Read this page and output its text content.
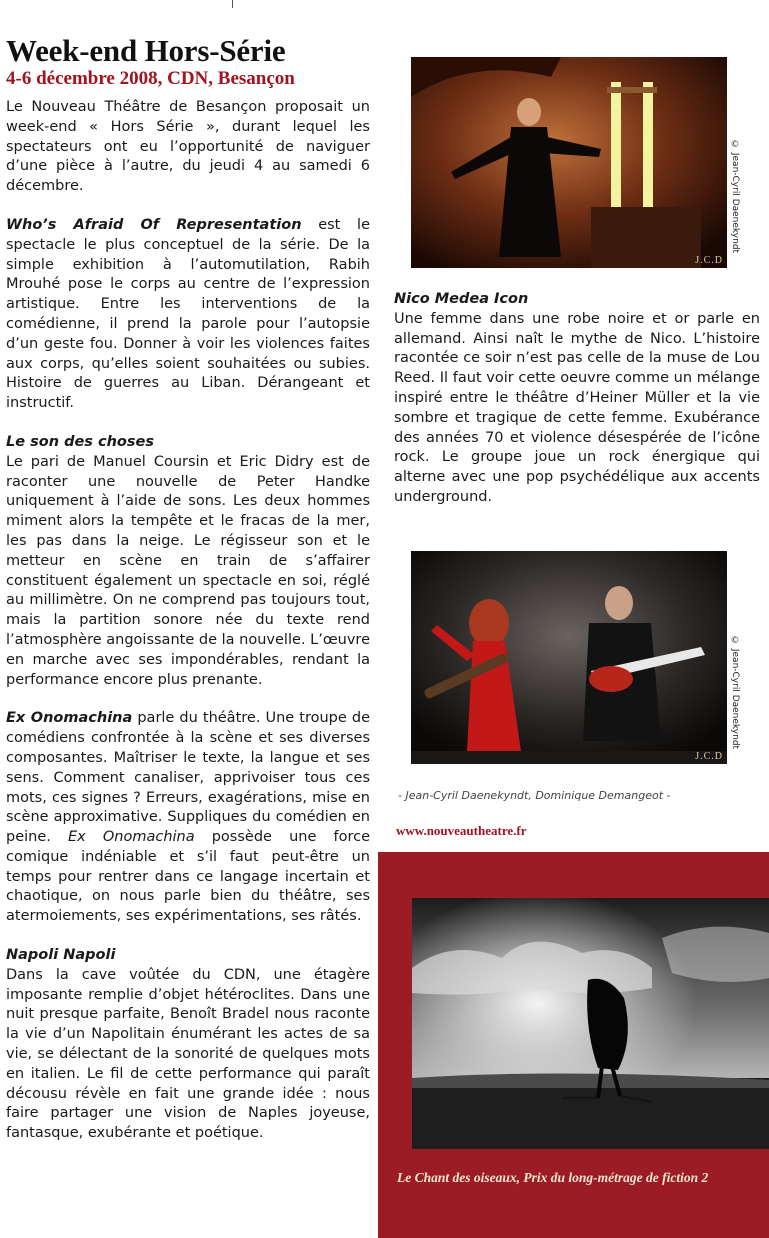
Week-end Hors-Série
4-6 décembre 2008, CDN, Besançon

Le Nouveau Théâtre de Besançon proposait un week-end « Hors Série », durant lequel les spectateurs ont eu l’opportunité de naviguer d’une pièce à l’autre, du jeudi 4 au samedi 6 décembre.

Who’s Afraid Of Representation est le spectacle le plus conceptuel de la série. De la simple exhibition à l’automutilation, Rabih Mrouhé pose le corps au centre de l’expression artistique. Entre les interventions de la comédienne, il prend la parole pour l’autopsie d’un geste fou. Donner à voir les violences faites aux corps, qu’elles soient souhaitées ou subies. Histoire de guerres au Liban. Dérangeant et instructif.

Le son des choses
Le pari de Manuel Coursin et Eric Didry est de raconter une nouvelle de Peter Handke uniquement à l’aide de sons. Les deux hommes miment alors la tempête et le fracas de la mer, les pas dans la neige. Le régisseur son et le metteur en scène en train de s’affairer constituent également un spectacle en soi, réglé au millimètre. On ne comprend pas toujours tout, mais la partition sonore née du texte rend l’atmosphère angoissante de la nouvelle. L’œuvre en marche avec ses impondérables, rendant la performance encore plus prenante.

Ex Onomachina parle du théâtre. Une troupe de comédiens confrontée à la scène et ses diverses composantes. Maîtriser le texte, la langue et ses sens. Comment canaliser, apprivoiser tous ces mots, ces signes ? Erreurs, exagérations, mise en scène approximative. Suppliques du comédien en peine. Ex Onomachina possède une force comique indéniable et s’il faut peut-être un temps pour rentrer dans ce langage incertain et chaotique, on nous parle bien du théâtre, ses atermoiements, ses expérimentations, ses râtés.

Napoli Napoli
Dans la cave voûtée du CDN, une étagère imposante remplie d’objet hétéroclites. Dans une nuit presque parfaite, Benoît Bradel nous raconte la vie d’un Napolitain énumérant les actes de sa vie, se délectant de la sonorité de quelques mots en italien. Le fil de cette performance qui paraît décousu révèle en fait une grande idée : nous faire partager une vision de Naples joyeuse, fantasque, exubérante et poétique.

J.C.D
© Jean-Cyril Daenekyndt

Nico Medea Icon
Une femme dans une robe noire et or parle en allemand. Ainsi naît le mythe de Nico. L’histoire racontée ce soir n’est pas celle de la muse de Lou Reed. Il faut voir cette oeuvre comme un mélange inspiré entre le théâtre d’Heiner Müller et la vie sombre et tragique de cette femme. Exubérance des années 70 et violence désespérée de l’icône rock. Le groupe joue un rock énergique qui alterne avec une pop psychédélique aux accents underground.

J.C.D
© Jean-Cyril Daenekyndt
- Jean-Cyril Daenekyndt, Dominique Demangeot -
www.nouveautheatre.fr
Le Chant des oiseaux, Prix du long-métrage de fiction 2
